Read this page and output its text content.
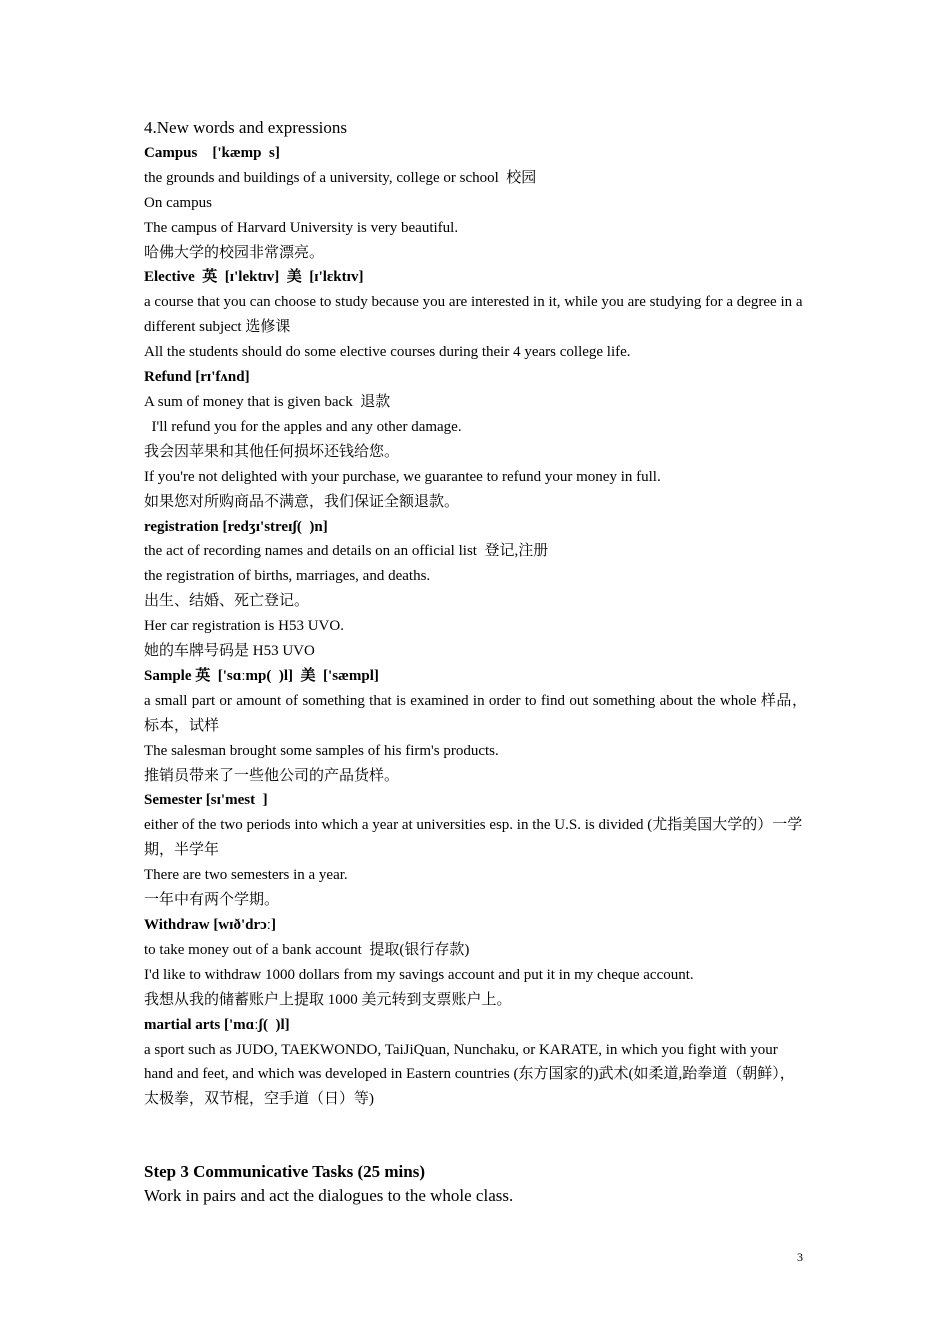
4.New words and expressions
Campus　['kæmp  s]
the grounds and buildings of a university, college or school  校园
On campus
The campus of Harvard University is very beautiful.
哈佛大学的校园非常漂亮。
Elective  英  [ɪ'lektɪv]  美  [ɪ'lɛktɪv]
a course that you can choose to study because you are interested in it, while you are studying for a degree in a different subject 选修课
All the students should do some elective courses during their 4 years college life.
Refund [rɪ'fʌnd]
A sum of money that is given back  退款
I'll refund you for the apples and any other damage.
我会因苹果和其他任何损坏还钱给您。
If you're not delighted with your purchase, we guarantee to refund your money in full.
如果您对所购商品不满意，我们保证全额退款。
registration [redʒɪ'streɪʃ(  )n]
the act of recording names and details on an official list  登记,注册
the registration of births, marriages, and deaths.
出生、结婚、死亡登记。
Her car registration is H53 UVO.
她的车牌号码是 H53 UVO
Sample 英  ['sɑːmp(  )l]  美  ['sæmpl]
a small part or amount of something that is examined in order to find out something about the whole 样品，标本，试样
The salesman brought some samples of his firm's products.
推销员带来了一些他公司的产品货样。
Semester [sɪ'mest  ]
either of the two periods into which a year at universities esp. in the U.S. is divided (尤指美国大学的）一学期，半学年
There are two semesters in a year.
一年中有两个学期。
Withdraw [wɪð'drɔː]
to take money out of a bank account  提取(银行存款)
I'd like to withdraw 1000 dollars from my savings account and put it in my cheque account.
我想从我的储蓄账户上提取 1000 美元转到支票账户上。
martial arts ['mɑːʃ(  )l]
a sport such as JUDO, TAEKWONDO, TaiJiQuan, Nunchaku, or KARATE, in which you fight with your hand and feet, and which was developed in Eastern countries (东方国家的)武术(如柔道,跆拳道（朝鲜），太极拳，双节棍，空手道（日）等)
Step 3 Communicative Tasks (25 mins)
Work in pairs and act the dialogues to the whole class.
3
